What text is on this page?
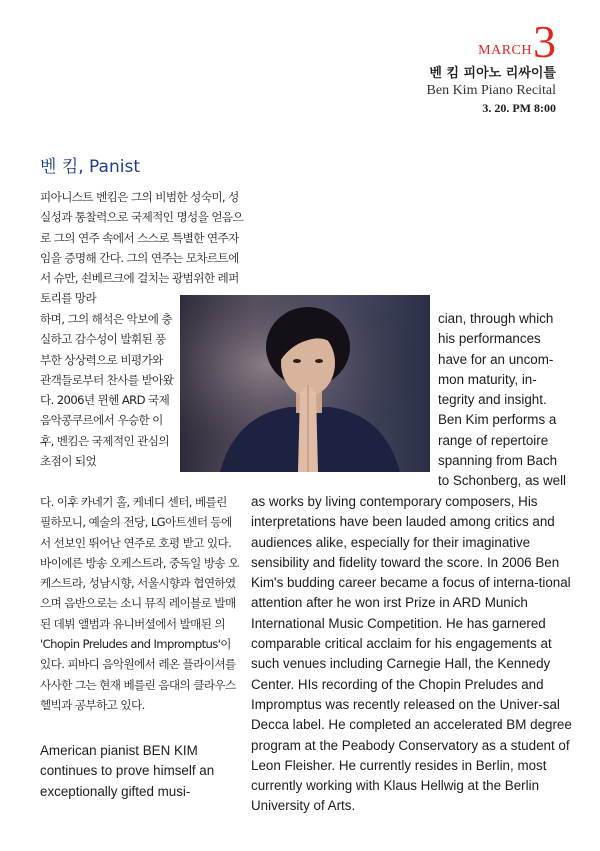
MARCH 3
벤 킴 피아노 리싸이틀
Ben Kim Piano Recital
3. 20. PM 8:00
벤 킴, Panist

피아니스트 벤킴은 그의 비범한 성숙미, 성실성과 통찰력으로 국제적인 명성을 얻음으로 그의 연주 속에서 스스로 특별한 연주자임을 증명해 간다. 그의 연주는 모차르트에서 슈만, 쇤베르크에 걸치는 광범위한 레퍼토리를 망라

하며, 그의 해석은 악보에 충실하고 감수성이 발휘된 풍부한 상상력으로 비평가와 관객들로부터 찬사를 받아왔다. 2006년 뮌헨 ARD 국제음악콩쿠르에서 우승한 이후, 벤킴은 국제적인 관심의 초점이 되었

다. 이후 카네기 홀, 케네디 센터, 베를린 필하모니, 예술의 전당, LG아트센터 등에서 선보인 뛰어난 연주로 호평 받고 있다. 바이에른 방송 오케스트라, 중독일 방송 오케스트라, 성남시향, 서울시향과 협연하였으며 음반으로는 소니 뮤직 레이블로 발매된 데뷔 앨범과 유니버셜에서 발매된 의 'Chopin Preludes and Impromptus'이 있다. 피바디 음악원에서 레온 플라이셔를 사사한 그는 현재 베를린 음대의 클라우스 헬빅과 공부하고 있다.

American pianist BEN KIM continues to prove himself an exceptionally gifted musi-

cian, through which his performances have for an uncom-mon maturity, in-tegrity and insight. Ben Kim performs a range of repertoire spanning from Bach to Schonberg, as well

as works by living contemporary composers, His interpretations have been lauded among critics and audiences alike, especially for their imaginative sensibility and fidelity toward the score. In 2006 Ben Kim's budding career became a focus of interna-tional attention after he won irst Prize in ARD Munich International Music Competition. He has garnered comparable critical acclaim for his engagements at such venues including Carnegie Hall, the Kennedy Center. HIs recording of the Chopin Preludes and Impromptus was recently released on the Univer-sal Decca label. He completed an accelerated BM degree program at the Peabody Conservatory as a student of Leon Fleisher. He currently resides in Berlin, most currently working with Klaus Hellwig at the Berlin University of Arts.
